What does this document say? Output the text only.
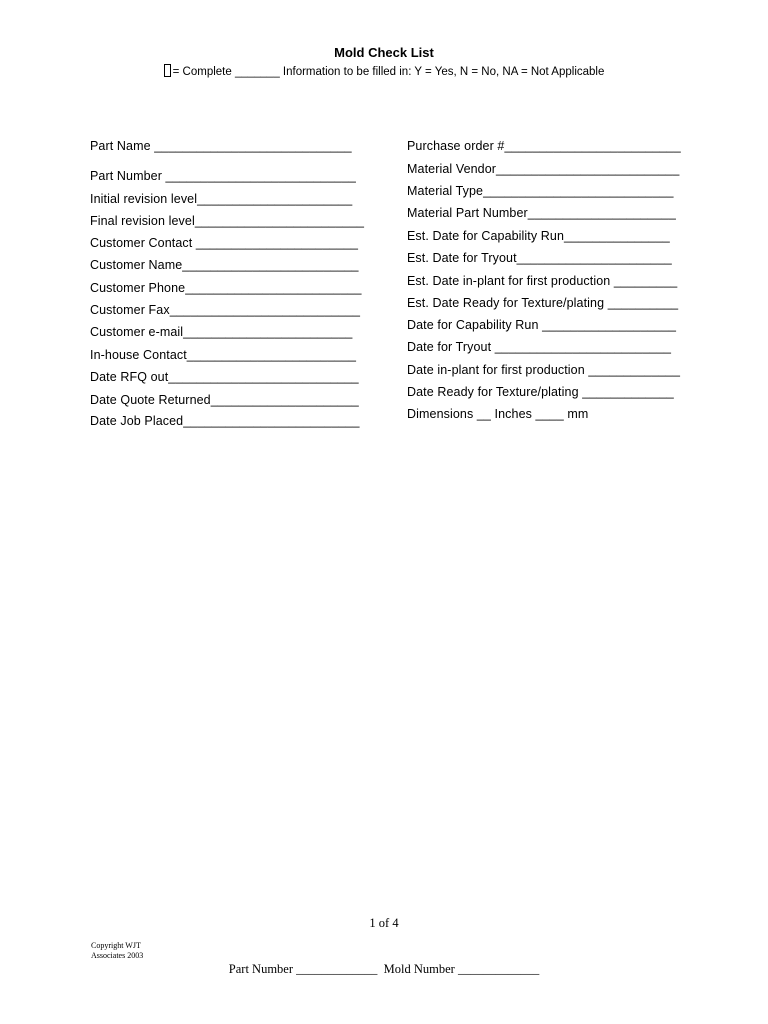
Mold Check List
= Complete _______ Information to be filled in: Y = Yes, N = No, NA = Not Applicable
Part Name ____________________________
Part Number ___________________________
Initial revision level______________________
Final revision level________________________
Customer Contact _______________________
Customer Name_________________________
Customer Phone_________________________
Customer Fax___________________________
Customer e-mail________________________
In-house Contact________________________
Date RFQ out___________________________
Date Quote Returned_____________________
Date Job Placed_________________________
Purchase order #_________________________
Material Vendor__________________________
Material Type___________________________
Material Part Number_____________________
Est. Date for Capability Run_______________
Est. Date for Tryout______________________
Est. Date in-plant for first production _________
Est. Date Ready for Texture/plating __________
Date for Capability Run ___________________
Date for Tryout _________________________
Date in-plant for first production _____________
Date Ready for Texture/plating _____________
Dimensions __ Inches ____ mm
1 of 4
Copyright WJT Associates 2003
Part Number _____________  Mold Number _____________
